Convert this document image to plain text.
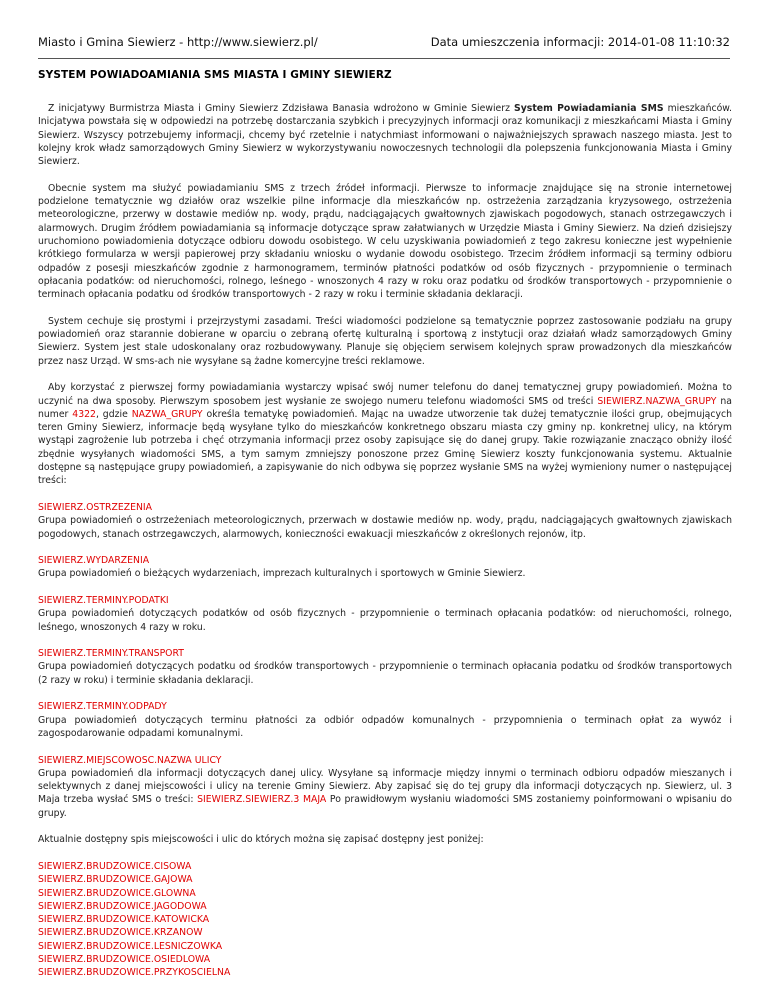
Miasto i Gmina Siewierz - http://www.siewierz.pl/	Data umieszczenia informacji: 2014-01-08 11:10:32
SYSTEM POWIADOAMIANIA SMS MIASTA I GMINY SIEWIERZ

Z inicjatywy Burmistrza Miasta i Gminy Siewierz Zdzisława Banasia wdrożono w Gminie Siewierz System Powiadamiania SMS mieszkańców. Inicjatywa powstała się w odpowiedzi na potrzebę dostarczania szybkich i precyzyjnych informacji oraz komunikacji z mieszkańcami Miasta i Gminy Siewierz. Wszyscy potrzebujemy informacji, chcemy być rzetelnie i natychmiast informowani o najważniejszych sprawach naszego miasta. Jest to kolejny krok władz samorządowych Gminy Siewierz w wykorzystywaniu nowoczesnych technologii dla polepszenia funkcjonowania Miasta i Gminy Siewierz.

Obecnie system ma służyć powiadamianiu SMS z trzech źródeł informacji. Pierwsze to informacje znajdujące się na stronie internetowej podzielone tematycznie wg działów oraz wszelkie pilne informacje dla mieszkańców np. ostrzeżenia zarządzania kryzysowego, ostrzeżenia meteorologiczne, przerwy w dostawie mediów np. wody, prądu, nadciągających gwałtownych zjawiskach pogodowych, stanach ostrzegawczych i alarmowych. Drugim źródłem powiadamiania są informacje dotyczące spraw załatwianych w Urzędzie Miasta i Gminy Siewierz. Na dzień dzisiejszy uruchomiono powiadomienia dotyczące odbioru dowodu osobistego. W celu uzyskiwania powiadomień z tego zakresu konieczne jest wypełnienie krótkiego formularza w wersji papierowej przy składaniu wniosku o wydanie dowodu osobistego. Trzecim źródłem informacji są terminy odbioru odpadów z posesji mieszkańców zgodnie z harmonogramem, terminów płatności podatków od osób fizycznych - przypomnienie o terminach opłacania podatków: od nieruchomości, rolnego, leśnego - wnoszonych 4 razy w roku oraz podatku od środków transportowych - przypomnienie o terminach opłacania podatku od środków transportowych - 2 razy w roku i terminie składania deklaracji.

System cechuje się prostymi i przejrzystymi zasadami. Treści wiadomości podzielone są tematycznie poprzez zastosowanie podziału na grupy powiadomień oraz starannie dobierane w oparciu o zebraną ofertę kulturalną i sportową z instytucji oraz działań władz samorządowych Gminy Siewierz. System jest stale udoskonalany oraz rozbudowywany. Planuje się objęciem serwisem kolejnych spraw prowadzonych dla mieszkańców przez nasz Urząd. W sms-ach nie wysyłane są żadne komercyjne treści reklamowe.

Aby korzystać z pierwszej formy powiadamiania wystarczy wpisać swój numer telefonu do danej tematycznej grupy powiadomień. Można to uczynić na dwa sposoby. Pierwszym sposobem jest wysłanie ze swojego numeru telefonu wiadomości SMS od treści SIEWIERZ.NAZWA_GRUPY na numer 4322, gdzie NAZWA_GRUPY określa tematykę powiadomień. Mając na uwadze utworzenie tak dużej tematycznie ilości grup, obejmujących teren Gminy Siewierz, informacje będą wysyłane tylko do mieszkańców konkretnego obszaru miasta czy gminy np. konkretnej ulicy, na którym wystąpi zagrożenie lub potrzeba i chęć otrzymania informacji przez osoby zapisujące się do danej grupy. Takie rozwiązanie znacząco obniży ilość zbędnie wysyłanych wiadomości SMS, a tym samym zmniejszy ponoszone przez Gminę Siewierz koszty funkcjonowania systemu. Aktualnie dostępne są następujące grupy powiadomień, a zapisywanie do nich odbywa się poprzez wysłanie SMS na wyżej wymieniony numer o następującej treści:

SIEWIERZ.OSTRZEZENIA
Grupa powiadomień o ostrzeżeniach meteorologicznych, przerwach w dostawie mediów np. wody, prądu, nadciągających gwałtownych zjawiskach pogodowych, stanach ostrzegawczych, alarmowych, konieczności ewakuacji mieszkańców z określonych rejonów, itp.
SIEWIERZ.WYDARZENIA
Grupa powiadomień o bieżących wydarzeniach, imprezach kulturalnych i sportowych w Gminie Siewierz.
SIEWIERZ.TERMINY.PODATKI
Grupa powiadomień dotyczących podatków od osób fizycznych - przypomnienie o terminach opłacania podatków: od nieruchomości, rolnego, leśnego, wnoszonych 4 razy w roku.
SIEWIERZ.TERMINY.TRANSPORT
Grupa powiadomień dotyczących podatku od środków transportowych - przypomnienie o terminach opłacania podatku od środków transportowych (2 razy w roku) i terminie składania deklaracji.
SIEWIERZ.TERMINY.ODPADY
Grupa powiadomień dotyczących terminu płatności za odbiór odpadów komunalnych - przypomnienia o terminach opłat za wywóz i zagospodarowanie odpadami komunalnymi.
SIEWIERZ.MIEJSCOWOSC.NAZWA ULICY
Grupa powiadomień dla informacji dotyczących danej ulicy. Wysyłane są informacje między innymi o terminach odbioru odpadów mieszanych i selektywnych z danej miejscowości i ulicy na terenie Gminy Siewierz. Aby zapisać się do tej grupy dla informacji dotyczących np. Siewierz, ul. 3 Maja trzeba wysłać SMS o treści: SIEWIERZ.SIEWIERZ.3 MAJA Po prawidłowym wysłaniu wiadomości SMS zostaniemy poinformowani o wpisaniu do grupy.

Aktualnie dostępny spis miejscowości i ulic do których można się zapisać dostępny jest poniżej:

SIEWIERZ.BRUDZOWICE.CISOWA
SIEWIERZ.BRUDZOWICE.GAJOWA
SIEWIERZ.BRUDZOWICE.GLOWNA
SIEWIERZ.BRUDZOWICE.JAGODOWA
SIEWIERZ.BRUDZOWICE.KATOWICKA
SIEWIERZ.BRUDZOWICE.KRZANOW
SIEWIERZ.BRUDZOWICE.LESNICZOWKA
SIEWIERZ.BRUDZOWICE.OSIEDLOWA
SIEWIERZ.BRUDZOWICE.PRZYKOSCIELNA
